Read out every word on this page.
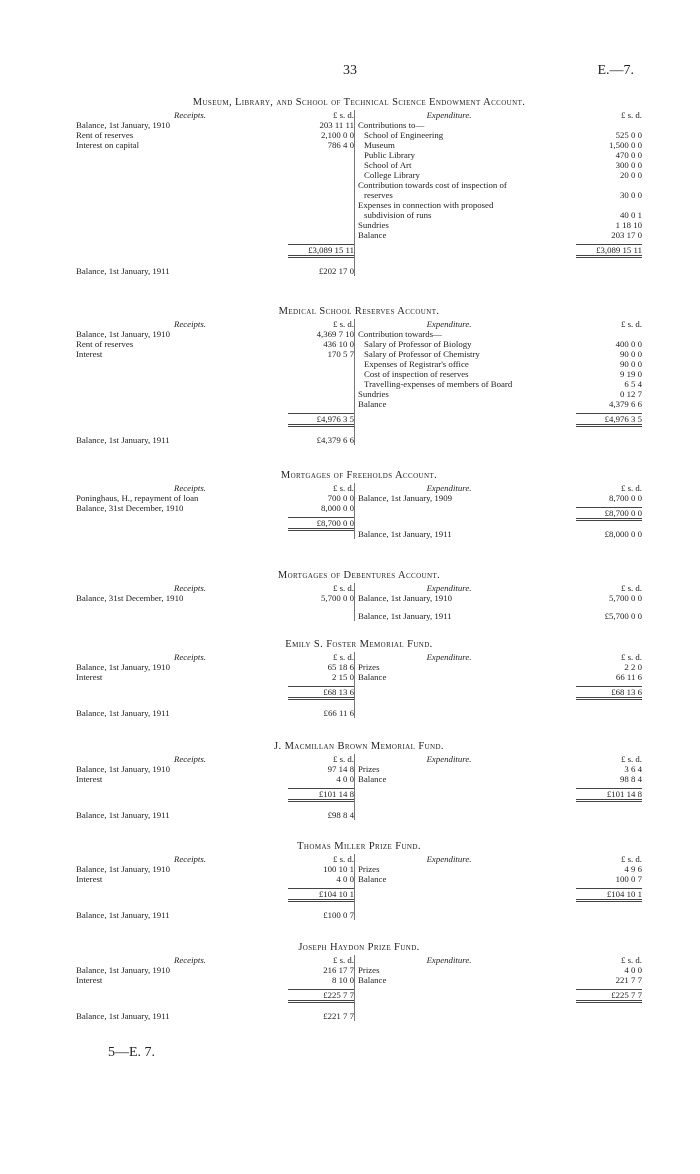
33	E.—7.
Museum, Library, and School of Technical Science Endowment Account.
Receipts.	£ s. d.
Balance, 1st January, 1910	203 11 11
Rent of reserves	2,100 0 0
Interest on capital	786 4 0
£3,089 15 11
Balance, 1st January, 1911	£202 17 0
Expenditure.	£ s. d.
Contributions to—
School of Engineering	525 0 0
Museum	1,500 0 0
Public Library	470 0 0
School of Art	300 0 0
College Library	20 0 0
Contribution towards cost of inspection of
reserves	30 0 0
Expenses in connection with proposed
subdivision of runs	40 0 1
Sundries	1 18 10
Balance	203 17 0
£3,089 15 11
Medical School Reserves Account.
Receipts.	£ s. d.
Balance, 1st January, 1910	4,369 7 10
Rent of reserves	436 10 0
Interest	170 5 7
£4,976 3 5
Balance, 1st January, 1911	£4,379 6 6
Expenditure.	£ s. d.
Contribution towards—
Salary of Professor of Biology	400 0 0
Salary of Professor of Chemistry	90 0 0
Expenses of Registrar's office	90 0 0
Cost of inspection of reserves	9 19 0
Travelling-expenses of members of Board	6 5 4
Sundries	0 12 7
Balance	4,379 6 6
£4,976 3 5
Mortgages of Freeholds Account.
Receipts.	£ s. d.
Poninghaus, H., repayment of loan	700 0 0
Balance, 31st December, 1910	8,000 0 0
£8,700 0 0
Expenditure.	£ s. d.
Balance, 1st January, 1909	8,700 0 0
£8,700 0 0
Balance, 1st January, 1911	£8,000 0 0
Mortgages of Debentures Account.
Receipts.	£ s. d.
Balance, 31st December, 1910	5,700 0 0
Expenditure.	£ s. d.
Balance, 1st January, 1910	5,700 0 0
Balance, 1st January, 1911	£5,700 0 0
Emily S. Foster Memorial Fund.
Receipts.	£ s. d.
Balance, 1st January, 1910	65 18 6
Interest	2 15 0
£68 13 6
Balance, 1st January, 1911	£66 11 6
Expenditure.	£ s. d.
Prizes	2 2 0
Balance	66 11 6
£68 13 6
J. Macmillan Brown Memorial Fund.
Receipts.	£ s. d.
Balance, 1st January, 1910	97 14 8
Interest	4 0 0
£101 14 8
Balance, 1st January, 1911	£98 8 4
Expenditure.	£ s. d.
Prizes	3 6 4
Balance	98 8 4
£101 14 8
Thomas Miller Prize Fund.
Receipts.	£ s. d.
Balance, 1st January, 1910	100 10 1
Interest	4 0 0
£104 10 1
Balance, 1st January, 1911	£100 0 7
Expenditure.	£ s. d.
Prizes	4 9 6
Balance	100 0 7
£104 10 1
Joseph Haydon Prize Fund.
Receipts.	£ s. d.
Balance, 1st January, 1910	216 17 7
Interest	8 10 0
£225 7 7
Balance, 1st January, 1911	£221 7 7
Expenditure.	£ s. d.
Prizes	4 0 0
Balance	221 7 7
£225 7 7
5—E. 7.
